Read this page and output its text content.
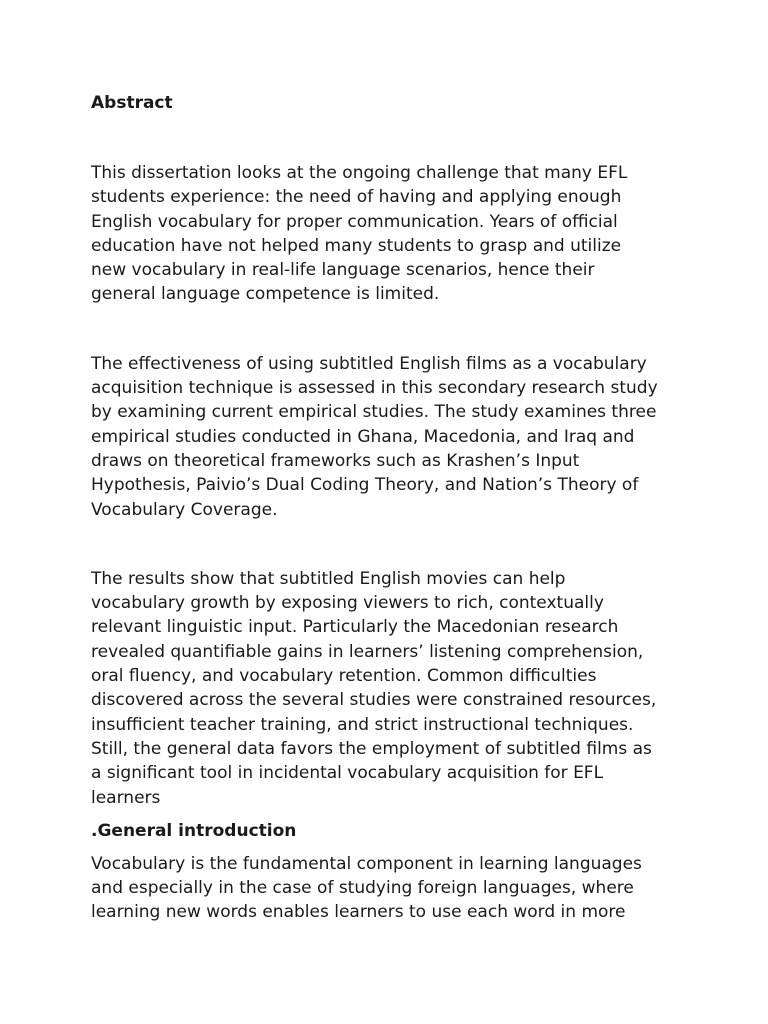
Abstract

This dissertation looks at the ongoing challenge that many EFL
students experience: the need of having and applying enough
English vocabulary for proper communication. Years of official
education have not helped many students to grasp and utilize
new vocabulary in real-life language scenarios, hence their
general language competence is limited.

The effectiveness of using subtitled English films as a vocabulary
acquisition technique is assessed in this secondary research study
by examining current empirical studies. The study examines three
empirical studies conducted in Ghana, Macedonia, and Iraq and
draws on theoretical frameworks such as Krashen’s Input
Hypothesis, Paivio’s Dual Coding Theory, and Nation’s Theory of
Vocabulary Coverage.

The results show that subtitled English movies can help
vocabulary growth by exposing viewers to rich, contextually
relevant linguistic input. Particularly the Macedonian research
revealed quantifiable gains in learners’ listening comprehension,
oral fluency, and vocabulary retention. Common difficulties
discovered across the several studies were constrained resources,
insufficient teacher training, and strict instructional techniques.
Still, the general data favors the employment of subtitled films as
a significant tool in incidental vocabulary acquisition for EFL
learners

.General introduction

Vocabulary is the fundamental component in learning languages
and especially in the case of studying foreign languages, where
learning new words enables learners to use each word in more
